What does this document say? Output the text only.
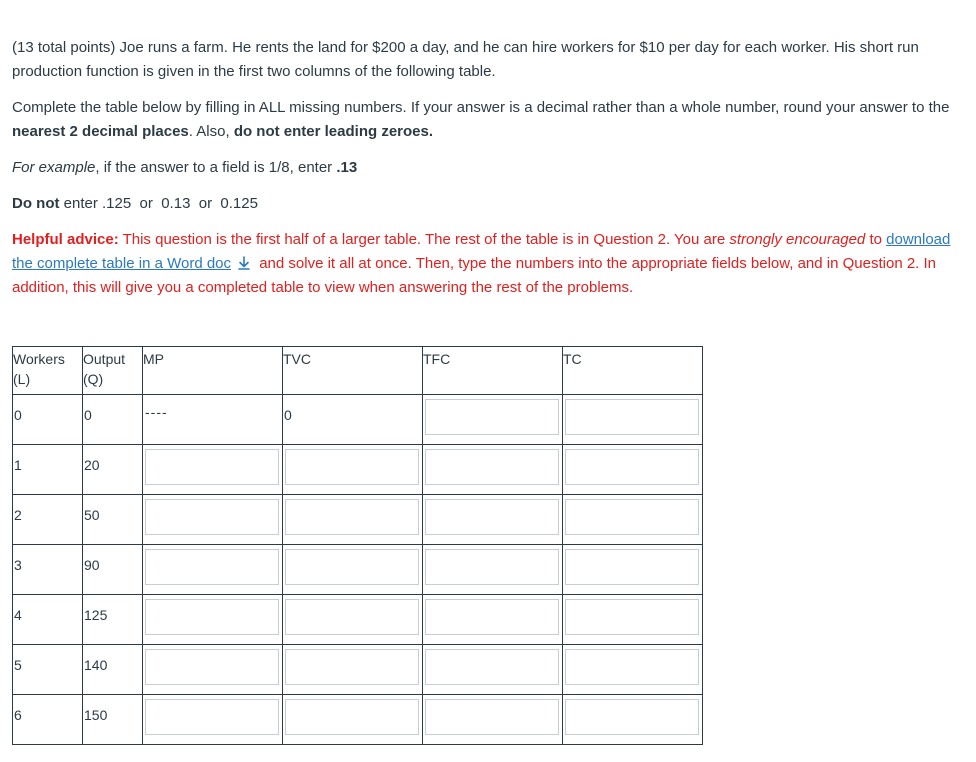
(13 total points) Joe runs a farm. He rents the land for $200 a day, and he can hire workers for $10 per day for each worker. His short run production function is given in the first two columns of the following table.

Complete the table below by filling in ALL missing numbers. If your answer is a decimal rather than a whole number, round your answer to the nearest 2 decimal places. Also, do not enter leading zeroes.

For example, if the answer to a field is 1/8, enter .13

Do not enter .125  or  0.13  or  0.125

Helpful advice: This question is the first half of a larger table. The rest of the table is in Question 2. You are strongly encouraged to download the complete table in a Word doc
and solve it all at once. Then, type the numbers into the appropriate fields below, and in Question 2. In addition, this will give you a completed table to view when answering the rest of the problems.

Workers
(L)	Output
(Q)	MP	TVC	TFC	TC

0	0	----	0

1	20

2	50

3	90

4	125

5	140

6	150
